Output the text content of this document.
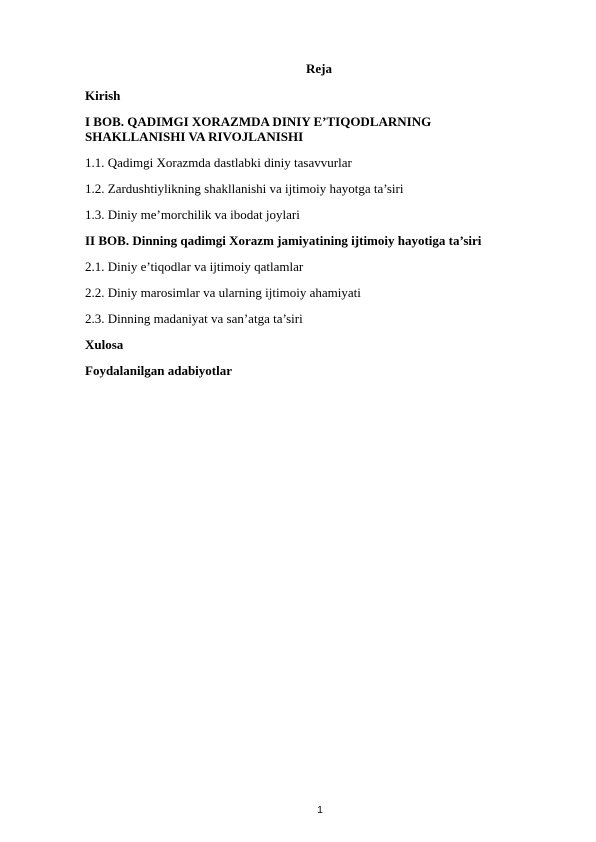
Reja
Kirish
I BOB. QADIMGI XORAZMDA DINIY E’TIQODLARNING SHAKLLANISHI VA RIVOJLANISHI
1.1. Qadimgi Xorazmda dastlabki diniy tasavvurlar
1.2. Zardushtiylikning shakllanishi va ijtimoiy hayotga ta’siri
1.3. Diniy me’morchilik va ibodat joylari
II BOB. Dinning qadimgi Xorazm jamiyatining ijtimoiy hayotiga ta’siri
2.1. Diniy e’tiqodlar va ijtimoiy qatlamlar
2.2. Diniy marosimlar va ularning ijtimoiy ahamiyati
2.3. Dinning madaniyat va san’atga ta’siri
Xulosa
Foydalanilgan adabiyotlar
1
